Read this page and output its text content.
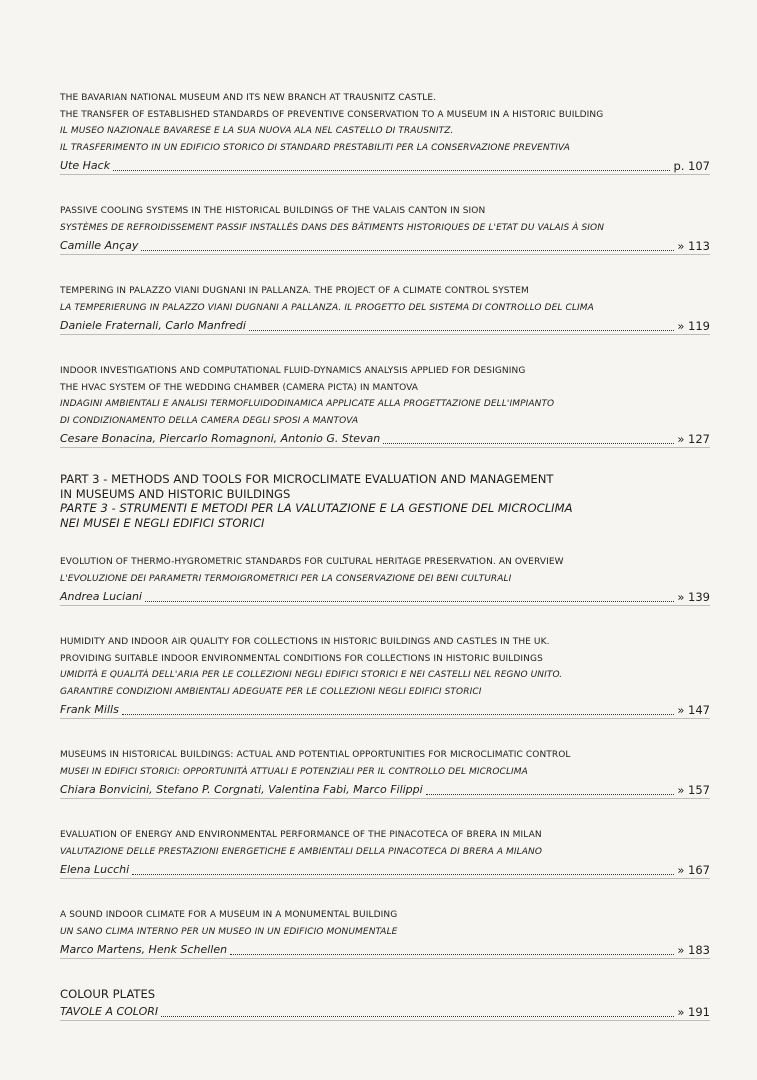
THE BAVARIAN NATIONAL MUSEUM AND ITS NEW BRANCH AT TRAUSNITZ CASTLE.
THE TRANSFER OF ESTABLISHED STANDARDS OF PREVENTIVE CONSERVATION TO A MUSEUM IN A HISTORIC BUILDING
IL MUSEO NAZIONALE BAVARESE E LA SUA NUOVA ALA NEL CASTELLO DI TRAUSNITZ.
IL TRASFERIMENTO IN UN EDIFICIO STORICO DI STANDARD PRESTABILITI PER LA CONSERVAZIONE PREVENTIVA
Ute Hack	p. 107
PASSIVE COOLING SYSTEMS IN THE HISTORICAL BUILDINGS OF THE VALAIS CANTON IN SION
SYSTÈMES DE REFROIDISSEMENT PASSIF INSTALLÉS DANS DES BÂTIMENTS HISTORIQUES DE L'ETAT DU VALAIS À SION
Camille Ançay	» 113
TEMPERING IN PALAZZO VIANI DUGNANI IN PALLANZA. THE PROJECT OF A CLIMATE CONTROL SYSTEM
LA TEMPERIERUNG IN PALAZZO VIANI DUGNANI A PALLANZA. IL PROGETTO DEL SISTEMA DI CONTROLLO DEL CLIMA
Daniele Fraternali, Carlo Manfredi	» 119
INDOOR INVESTIGATIONS AND COMPUTATIONAL FLUID-DYNAMICS ANALYSIS APPLIED FOR DESIGNING
THE HVAC SYSTEM OF THE WEDDING CHAMBER (CAMERA PICTA) IN MANTOVA
INDAGINI AMBIENTALI E ANALISI TERMOFLUIDODINAMICA APPLICATE ALLA PROGETTAZIONE DELL'IMPIANTO
DI CONDIZIONAMENTO DELLA CAMERA DEGLI SPOSI A MANTOVA
Cesare Bonacina, Piercarlo Romagnoni, Antonio G. Stevan	» 127
PART 3 - METHODS AND TOOLS FOR MICROCLIMATE EVALUATION AND MANAGEMENT
IN MUSEUMS AND HISTORIC BUILDINGS
PARTE 3 - STRUMENTI E METODI PER LA VALUTAZIONE E LA GESTIONE DEL MICROCLIMA
NEI MUSEI E NEGLI EDIFICI STORICI
EVOLUTION OF THERMO-HYGROMETRIC STANDARDS FOR CULTURAL HERITAGE PRESERVATION. AN OVERVIEW
L'EVOLUZIONE DEI PARAMETRI TERMOIGROMETRICI PER LA CONSERVAZIONE DEI BENI CULTURALI
Andrea Luciani	» 139
HUMIDITY AND INDOOR AIR QUALITY FOR COLLECTIONS IN HISTORIC BUILDINGS AND CASTLES IN THE UK.
PROVIDING SUITABLE INDOOR ENVIRONMENTAL CONDITIONS FOR COLLECTIONS IN HISTORIC BUILDINGS
UMIDITÀ E QUALITÀ DELL'ARIA PER LE COLLEZIONI NEGLI EDIFICI STORICI E NEI CASTELLI NEL REGNO UNITO.
GARANTIRE CONDIZIONI AMBIENTALI ADEGUATE PER LE COLLEZIONI NEGLI EDIFICI STORICI
Frank Mills	» 147
MUSEUMS IN HISTORICAL BUILDINGS: ACTUAL AND POTENTIAL OPPORTUNITIES FOR MICROCLIMATIC CONTROL
MUSEI IN EDIFICI STORICI: OPPORTUNITÀ ATTUALI E POTENZIALI PER IL CONTROLLO DEL MICROCLIMA
Chiara Bonvicini, Stefano P. Corgnati, Valentina Fabi, Marco Filippi	» 157
EVALUATION OF ENERGY AND ENVIRONMENTAL PERFORMANCE OF THE PINACOTECA OF BRERA IN MILAN
VALUTAZIONE DELLE PRESTAZIONI ENERGETICHE E AMBIENTALI DELLA PINACOTECA DI BRERA A MILANO
Elena Lucchi	» 167
A SOUND INDOOR CLIMATE FOR A MUSEUM IN A MONUMENTAL BUILDING
UN SANO CLIMA INTERNO PER UN MUSEO IN UN EDIFICIO MONUMENTALE
Marco Martens, Henk Schellen	» 183
COLOUR PLATES
TAVOLE A COLORI	» 191
